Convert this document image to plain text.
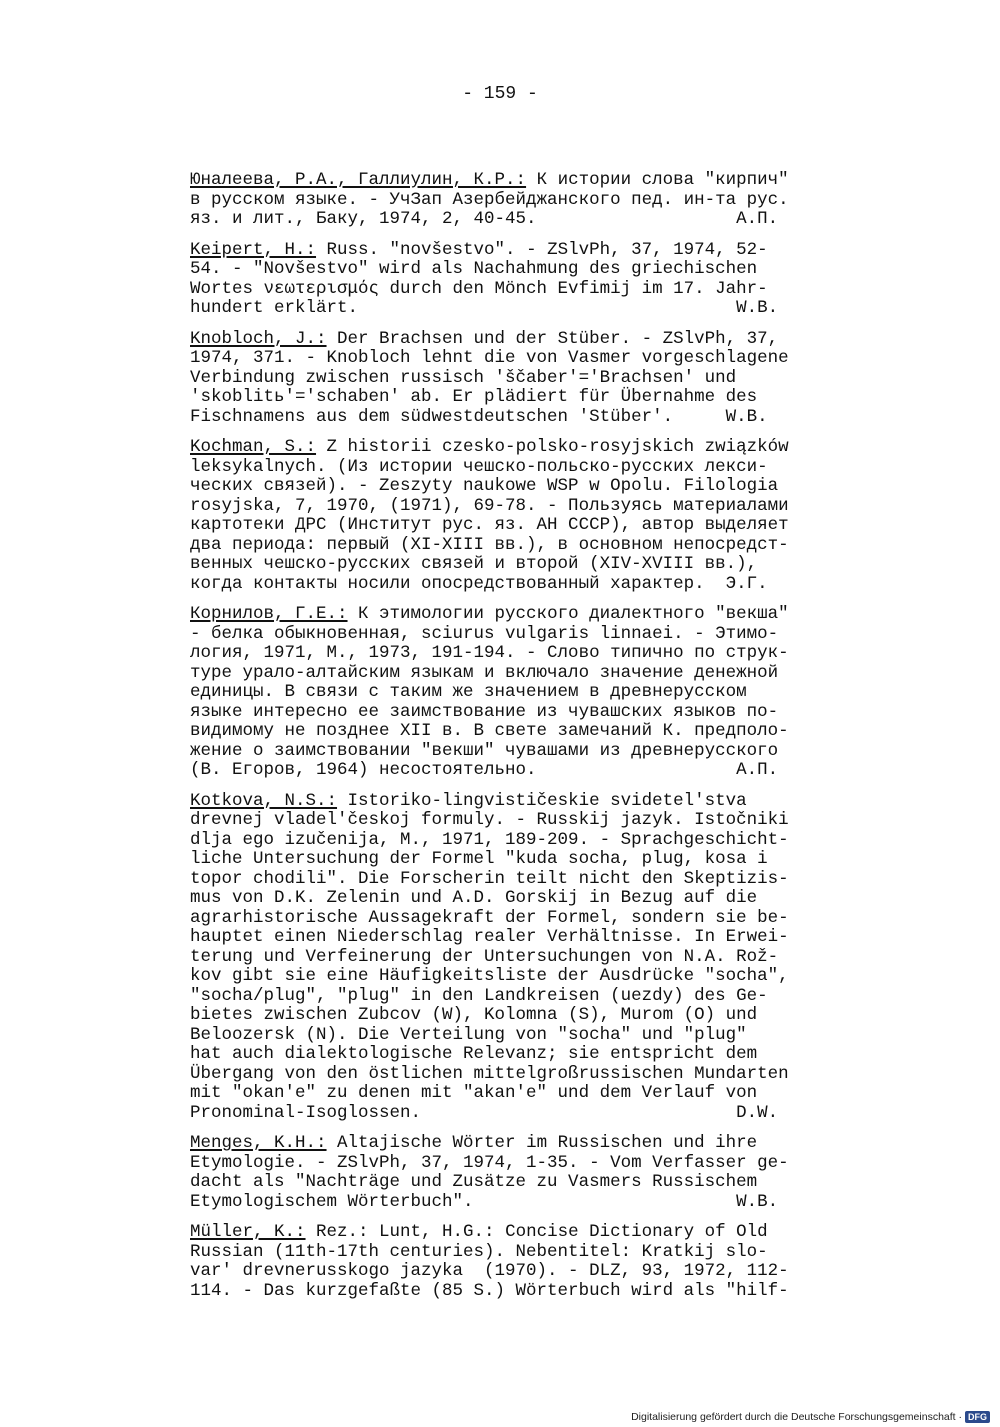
- 159 -
Юналеева, Р.А., Галлиулин, К.Р.: К истории слова "кирпич"
в русском языке. - УчЗап Азербейджанского пед. ин-та рус.
яз. и лит., Баку, 1974, 2, 40-45.                   А.П.
Keipert, H.: Russ. "novšestvo". - ZSlvPh, 37, 1974, 52-
54. - "Novšestvo" wird als Nachahmung des griechischen
Wortes νεωτερισμός durch den Mönch Evfimij im 17. Jahr-
hundert erklärt.                                    W.B.
Knobloch, J.: Der Brachsen und der Stüber. - ZSlvPh, 37,
1974, 371. - Knobloch lehnt die von Vasmer vorgeschlagene
Verbindung zwischen russisch 'ščaber'='Brachsen' und
'skoblitь'='schaben' ab. Er plädiert für Übernahme des
Fischnamens aus dem südwestdeutschen 'Stüber'.     W.B.
Kochman, S.: Z historii czesko-polsko-rosyjskich związków
leksykalnych. (Из истории чешско-польско-русских лекси-
ческих связей). - Zeszyty naukowe WSP w Opolu. Filologia
rosyjska, 7, 1970, (1971), 69-78. - Пользуясь материалами
картотеки ДРС (Институт рус. яз. АН СССР), автор выделяет
два периода: первый (XI-XIII вв.), в основном непосредст-
венных чешско-русских связей и второй (XIV-XVIII вв.),
когда контакты носили опосредствованный характер.  Э.Г.
Корнилов, Г.Е.: К этимологии русского диалектного "векша"
- белка обыкновенная, sciurus vulgaris linnaei. - Этимо-
логия, 1971, М., 1973, 191-194. - Слово типично по струк-
туре урало-алтайским языкам и включало значение денежной
единицы. В связи с таким же значением в древнерусском
языке интересно ее заимствование из чувашских языков по-
видимому не позднее XII в. В свете замечаний К. предполо-
жение о заимствовании "векши" чувашами из древнерусского
(В. Егоров, 1964) несостоятельно.                   А.П.
Kotkova, N.S.: Istoriko-lingvističeskie svidetel'stva
drevnej vladel'českoj formuly. - Russkij jazyk. Istočniki
dlja ego izučenija, M., 1971, 189-209. - Sprachgeschicht-
liche Untersuchung der Formel "kuda socha, plug, kosa i
topor chodili". Die Forscherin teilt nicht den Skeptizis-
mus von D.K. Zelenin und A.D. Gorskij in Bezug auf die
agrarhistorische Aussagekraft der Formel, sondern sie be-
hauptet einen Niederschlag realer Verhältnisse. In Erwei-
terung und Verfeinerung der Untersuchungen von N.A. Rož-
kov gibt sie eine Häufigkeitsliste der Ausdrücke "socha",
"socha/plug", "plug" in den Landkreisen (uezdy) des Ge-
bietes zwischen Zubcov (W), Kolomna (S), Murom (O) und
Beloozersk (N). Die Verteilung von "socha" und "plug"
hat auch dialektologische Relevanz; sie entspricht dem
Übergang von den östlichen mittelgroßrussischen Mundarten
mit "okan'e" zu denen mit "akan'e" und dem Verlauf von
Pronominal-Isoglossen.                              D.W.
Menges, K.H.: Altajische Wörter im Russischen und ihre
Etymologie. - ZSlvPh, 37, 1974, 1-35. - Vom Verfasser ge-
dacht als "Nachträge und Zusätze zu Vasmers Russischem
Etymologischem Wörterbuch".                         W.B.
Müller, K.: Rez.: Lunt, H.G.: Concise Dictionary of Old
Russian (11th-17th centuries). Nebentitel: Kratkij slo-
var' drevnerusskogo jazyka  (1970). - DLZ, 93, 1972, 112-
114. - Das kurzgefaßte (85 S.) Wörterbuch wird als "hilf-
Digitalisierung gefördert durch die Deutsche Forschungsgemeinschaft · DFG
